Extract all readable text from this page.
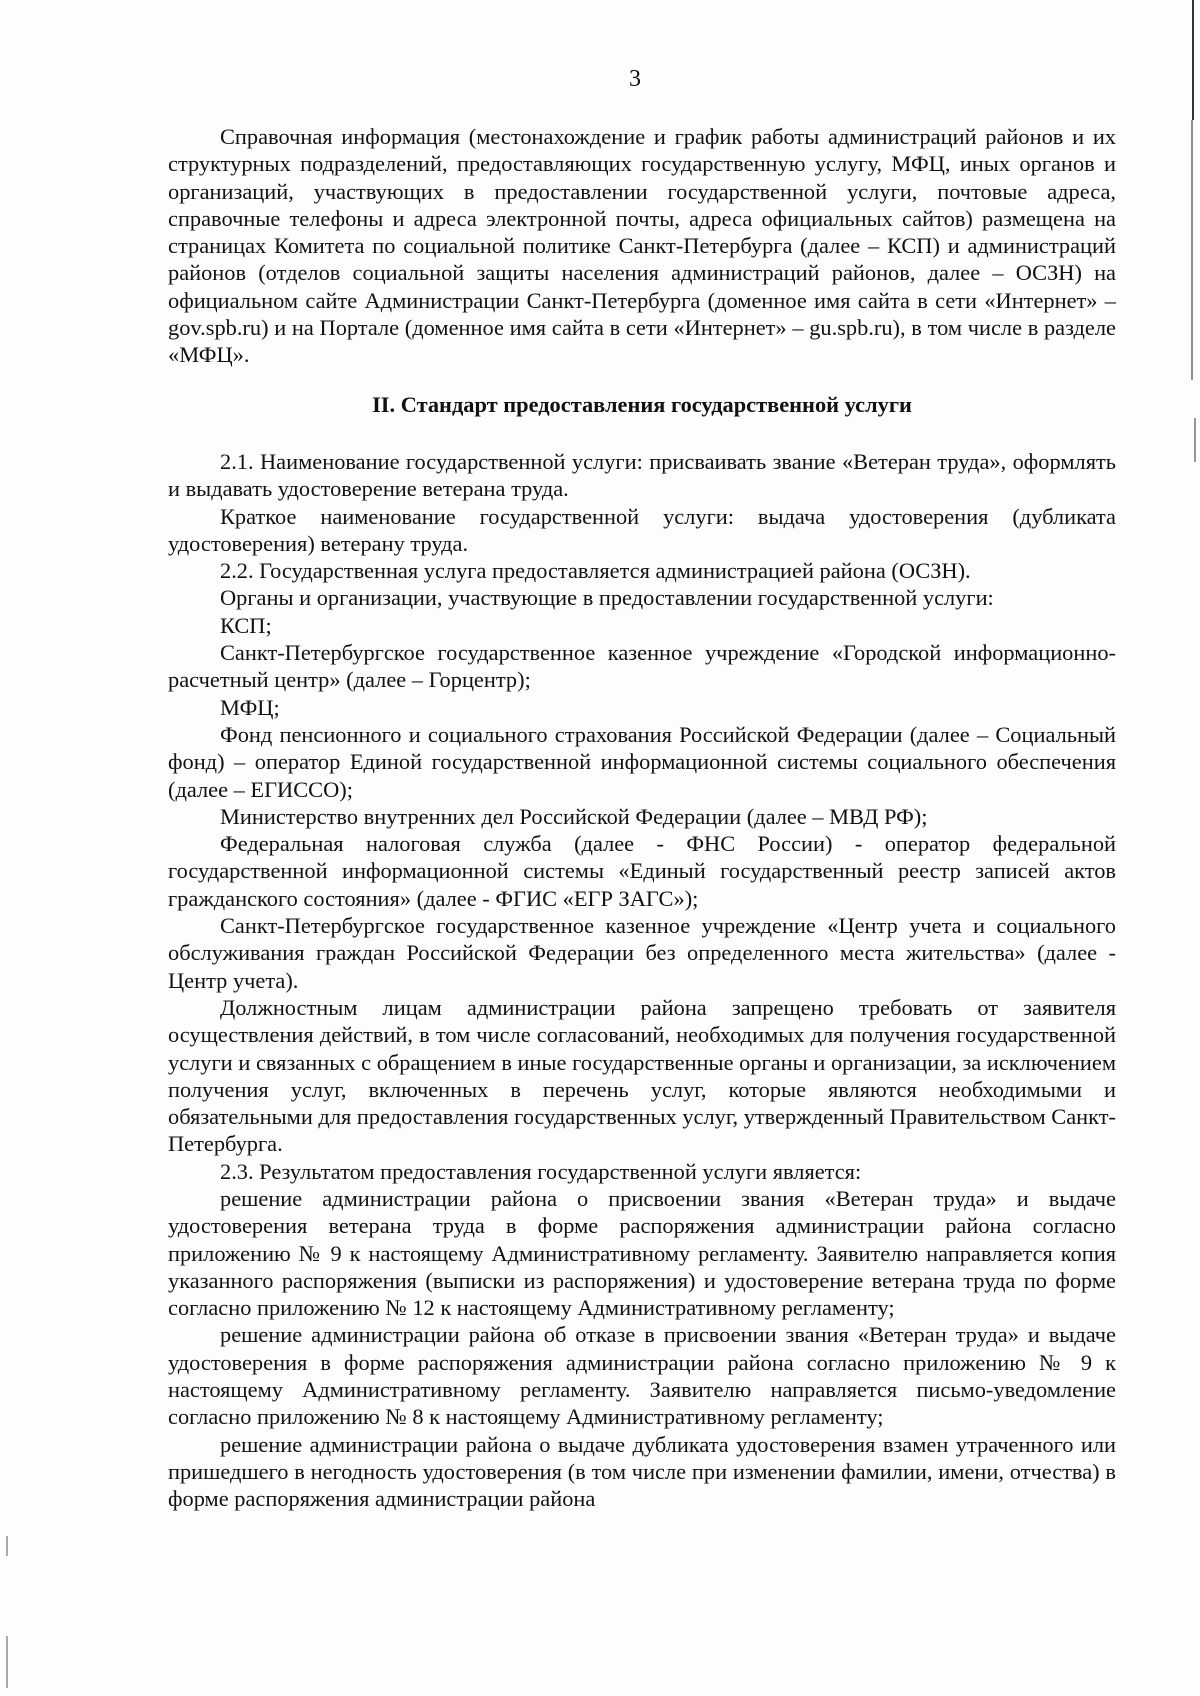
3

Справочная информация (местонахождение и график работы администраций районов и их структурных подразделений, предоставляющих государственную услугу, МФЦ, иных органов и организаций, участвующих в предоставлении государственной услуги, почтовые адреса, справочные телефоны и адреса электронной почты, адреса официальных сайтов) размещена на страницах Комитета по социальной политике Санкт-Петербурга (далее – КСП) и администраций районов (отделов социальной защиты населения администраций районов, далее – ОСЗН) на официальном сайте Администрации Санкт-Петербурга (доменное имя сайта в сети «Интернет» – gov.spb.ru) и на Портале (доменное имя сайта в сети «Интернет» – gu.spb.ru), в том числе в разделе «МФЦ».

II. Стандарт предоставления государственной услуги

2.1. Наименование государственной услуги: присваивать звание «Ветеран труда», оформлять и выдавать удостоверение ветерана труда.

Краткое наименование государственной услуги: выдача удостоверения (дубликата удостоверения) ветерану труда.

2.2. Государственная услуга предоставляется администрацией района (ОСЗН).

Органы и организации, участвующие в предоставлении государственной услуги:

КСП;

Санкт-Петербургское государственное казенное учреждение «Городской информационно-расчетный центр» (далее – Горцентр);

МФЦ;

Фонд пенсионного и социального страхования Российской Федерации (далее – Социальный фонд) – оператор Единой государственной информационной системы социального обеспечения (далее – ЕГИССО);

Министерство внутренних дел Российской Федерации (далее – МВД РФ);

Федеральная налоговая служба (далее - ФНС России) - оператор федеральной государственной информационной системы «Единый государственный реестр записей актов гражданского состояния» (далее - ФГИС «ЕГР ЗАГС»);

Санкт-Петербургское государственное казенное учреждение «Центр учета и социального обслуживания граждан Российской Федерации без определенного места жительства» (далее - Центр учета).

Должностным лицам администрации района запрещено требовать от заявителя осуществления действий, в том числе согласований, необходимых для получения государственной услуги и связанных с обращением в иные государственные органы и организации, за исключением получения услуг, включенных в перечень услуг, которые являются необходимыми и обязательными для предоставления государственных услуг, утвержденный Правительством Санкт-Петербурга.

2.3. Результатом предоставления государственной услуги является:

решение администрации района о присвоении звания «Ветеран труда» и выдаче удостоверения ветерана труда в форме распоряжения администрации района согласно приложению № 9 к настоящему Административному регламенту. Заявителю направляется копия указанного распоряжения (выписки из распоряжения) и удостоверение ветерана труда по форме согласно приложению № 12 к настоящему Административному регламенту;

решение администрации района об отказе в присвоении звания «Ветеран труда» и выдаче удостоверения в форме распоряжения администрации района согласно приложению № 9 к настоящему Административному регламенту. Заявителю направляется письмо-уведомление согласно приложению № 8 к настоящему Административному регламенту;

решение администрации района о выдаче дубликата удостоверения взамен утраченного или пришедшего в негодность удостоверения (в том числе при изменении фамилии, имени, отчества) в форме распоряжения администрации района
